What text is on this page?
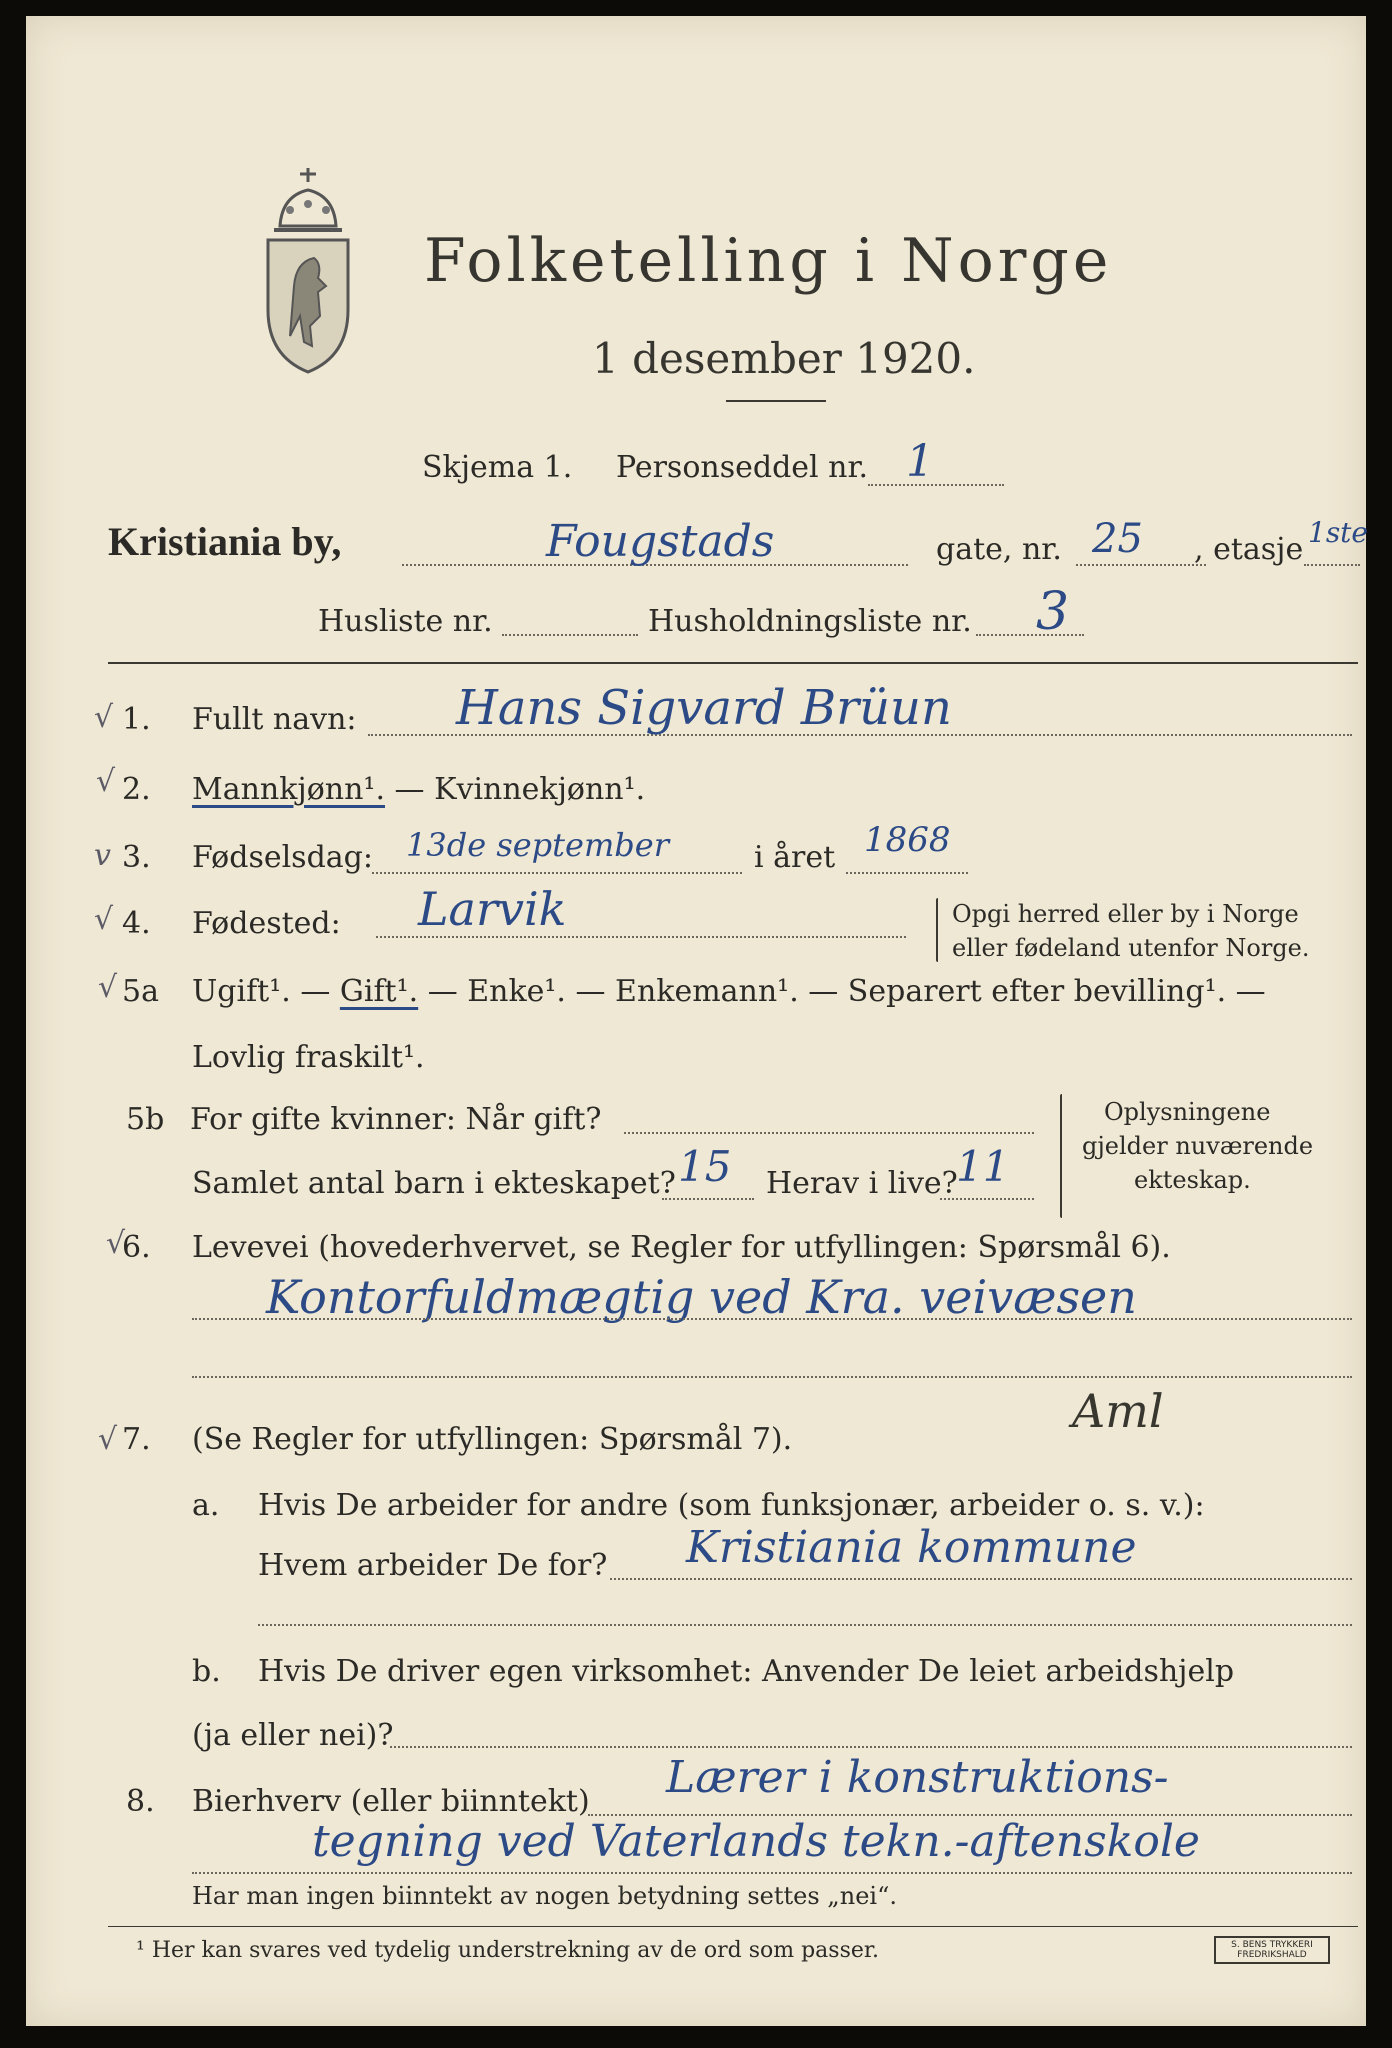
Folketelling i Norge
1 desember 1920.
Skjema 1. Personseddel nr. 1
Kristiania by,	Fougstads	gate, nr. 25 , etasje 1ste
Husliste nr.	Husholdningsliste nr. 3
√ 1. Fullt navn: Hans Sigvard Brüun
√ 2. Mannkjønn¹. — Kvinnekjønn¹.
v 3. Fødselsdag: 13de september	i året 1868
√ 4. Fødested: Larvik	Opgi herred eller by i Norge
eller fødeland utenfor Norge.
√ 5a Ugift¹. — Gift¹. — Enke¹. — Enkemann¹. — Separert efter bevilling¹. —
Lovlig fraskilt¹.
5b For gifte kvinner: Når gift?
Samlet antal barn i ekteskapet? 15 Herav i live?
11
Oplysningene
gjelder nuværende
ekteskap.
√
6. Levevei (hovederhvervet, se Regler for utfyllingen: Spørsmål 6).
Kontorfuldmægtig ved Kra. veivæsen
√ 7. (Se Regler for utfyllingen: Spørsmål 7).
Aml
a. Hvis De arbeider for andre (som funksjonær, arbeider o. s. v.):
Hvem arbeider De for? Kristiania kommune
b. Hvis De driver egen virksomhet: Anvender De leiet arbeidshjelp
(ja eller nei)?
8. Bierhverv (eller biinntekt) Lærer i konstruktions-
tegning ved Vaterlands tekn.-aftenskole
Har man ingen biinntekt av nogen betydning settes „nei“.
¹ Her kan svares ved tydelig understrekning av de ord som passer.	S. BENS TRYKKERI FREDRIKSHALD
